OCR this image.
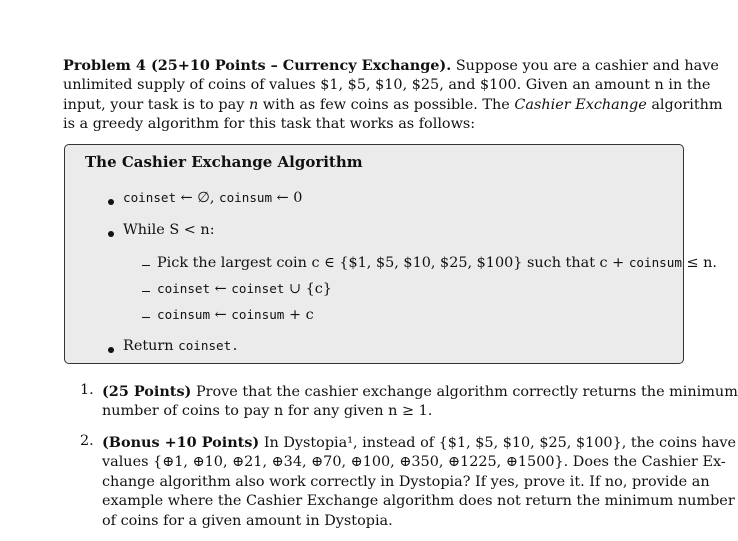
Problem 4 (25+10 Points – Currency Exchange). Suppose you are a cashier and have
unlimited supply of coins of values $1, $5, $10, $25, and $100. Given an amount n in the
input, your task is to pay n with as few coins as possible. The Cashier Exchange algorithm
is a greedy algorithm for this task that works as follows:
The Cashier Exchange Algorithm
coinset ← ∅, coinsum ← 0
While S < n:
Pick the largest coin c ∈ {$1, $5, $10, $25, $100} such that c + coinsum ≤ n.
coinset ← coinset ∪ {c}
coinsum ← coinsum + c
Return coinset.
1. (25 Points) Prove that the cashier exchange algorithm correctly returns the minimum
number of coins to pay n for any given n ≥ 1.
2. (Bonus +10 Points) In Dystopia¹, instead of {$1, $5, $10, $25, $100}, the coins have
values {⊕1, ⊕10, ⊕21, ⊕34, ⊕70, ⊕100, ⊕350, ⊕1225, ⊕1500}. Does the Cashier Ex-
change algorithm also work correctly in Dystopia? If yes, prove it. If no, provide an
example where the Cashier Exchange algorithm does not return the minimum number
of coins for a given amount in Dystopia.
